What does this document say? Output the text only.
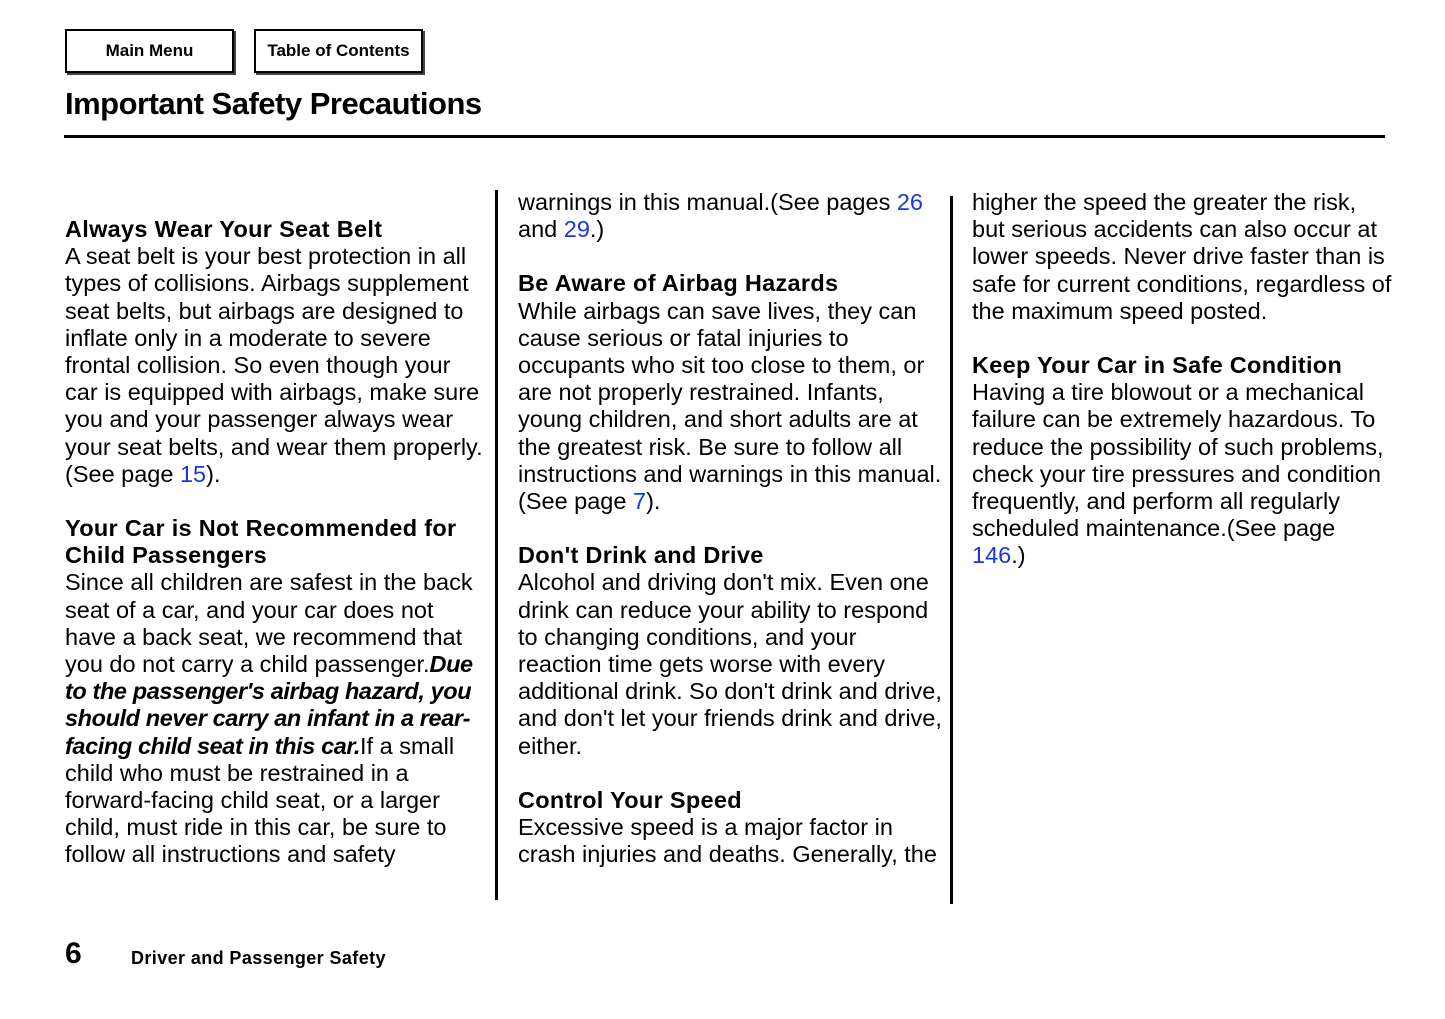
Main Menu	Table of Contents
Important Safety Precautions

Always Wear Your Seat Belt
A seat belt is your best protection in all types of collisions. Airbags supplement seat belts, but airbags are designed to inflate only in a moderate to severe frontal collision. So even though your car is equipped with airbags, make sure you and your passenger always wear your seat belts, and wear them properly.(See page 15).

Your Car is Not Recommended for Child Passengers
Since all children are safest in the back seat of a car, and your car does not have a back seat, we recommend that you do not carry a child passenger.Due to the passenger's airbag hazard, you should never carry an infant in a rear-facing child seat in this car.If a small child who must be restrained in a forward-facing child seat, or a larger child, must ride in this car, be sure to follow all instructions and safety

warnings in this manual.(See pages 26 and 29.)

Be Aware of Airbag Hazards
While airbags can save lives, they can cause serious or fatal injuries to occupants who sit too close to them, or are not properly restrained. Infants, young children, and short adults are at the greatest risk. Be sure to follow all instructions and warnings in this manual.(See page 7).

Don't Drink and Drive
Alcohol and driving don't mix. Even one drink can reduce your ability to respond to changing conditions, and your reaction time gets worse with every additional drink. So don't drink and drive, and don't let your friends drink and drive, either.

Control Your Speed
Excessive speed is a major factor in crash injuries and deaths. Generally, the

higher the speed the greater the risk, but serious accidents can also occur at lower speeds. Never drive faster than is safe for current conditions, regardless of the maximum speed posted.

Keep Your Car in Safe Condition
Having a tire blowout or a mechanical failure can be extremely hazardous. To reduce the possibility of such problems, check your tire pressures and condition frequently, and perform all regularly scheduled maintenance.(See page 146.)

6	Driver and Passenger Safety
